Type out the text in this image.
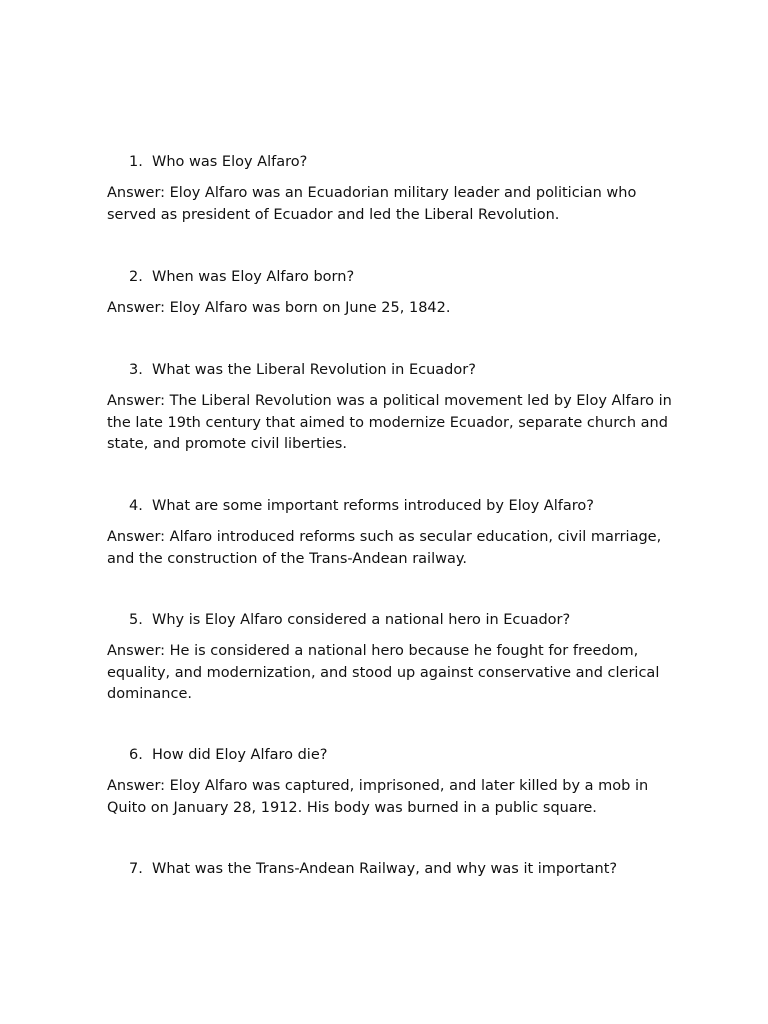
1. Who was Eloy Alfaro?
Answer: Eloy Alfaro was an Ecuadorian military leader and politician who served as president of Ecuador and led the Liberal Revolution.
2. When was Eloy Alfaro born?
Answer: Eloy Alfaro was born on June 25, 1842.
3. What was the Liberal Revolution in Ecuador?
Answer: The Liberal Revolution was a political movement led by Eloy Alfaro in the late 19th century that aimed to modernize Ecuador, separate church and state, and promote civil liberties.
4. What are some important reforms introduced by Eloy Alfaro?
Answer: Alfaro introduced reforms such as secular education, civil marriage, and the construction of the Trans-Andean railway.
5. Why is Eloy Alfaro considered a national hero in Ecuador?
Answer: He is considered a national hero because he fought for freedom, equality, and modernization, and stood up against conservative and clerical dominance.
6. How did Eloy Alfaro die?
Answer: Eloy Alfaro was captured, imprisoned, and later killed by a mob in Quito on January 28, 1912. His body was burned in a public square.
7. What was the Trans-Andean Railway, and why was it important?
